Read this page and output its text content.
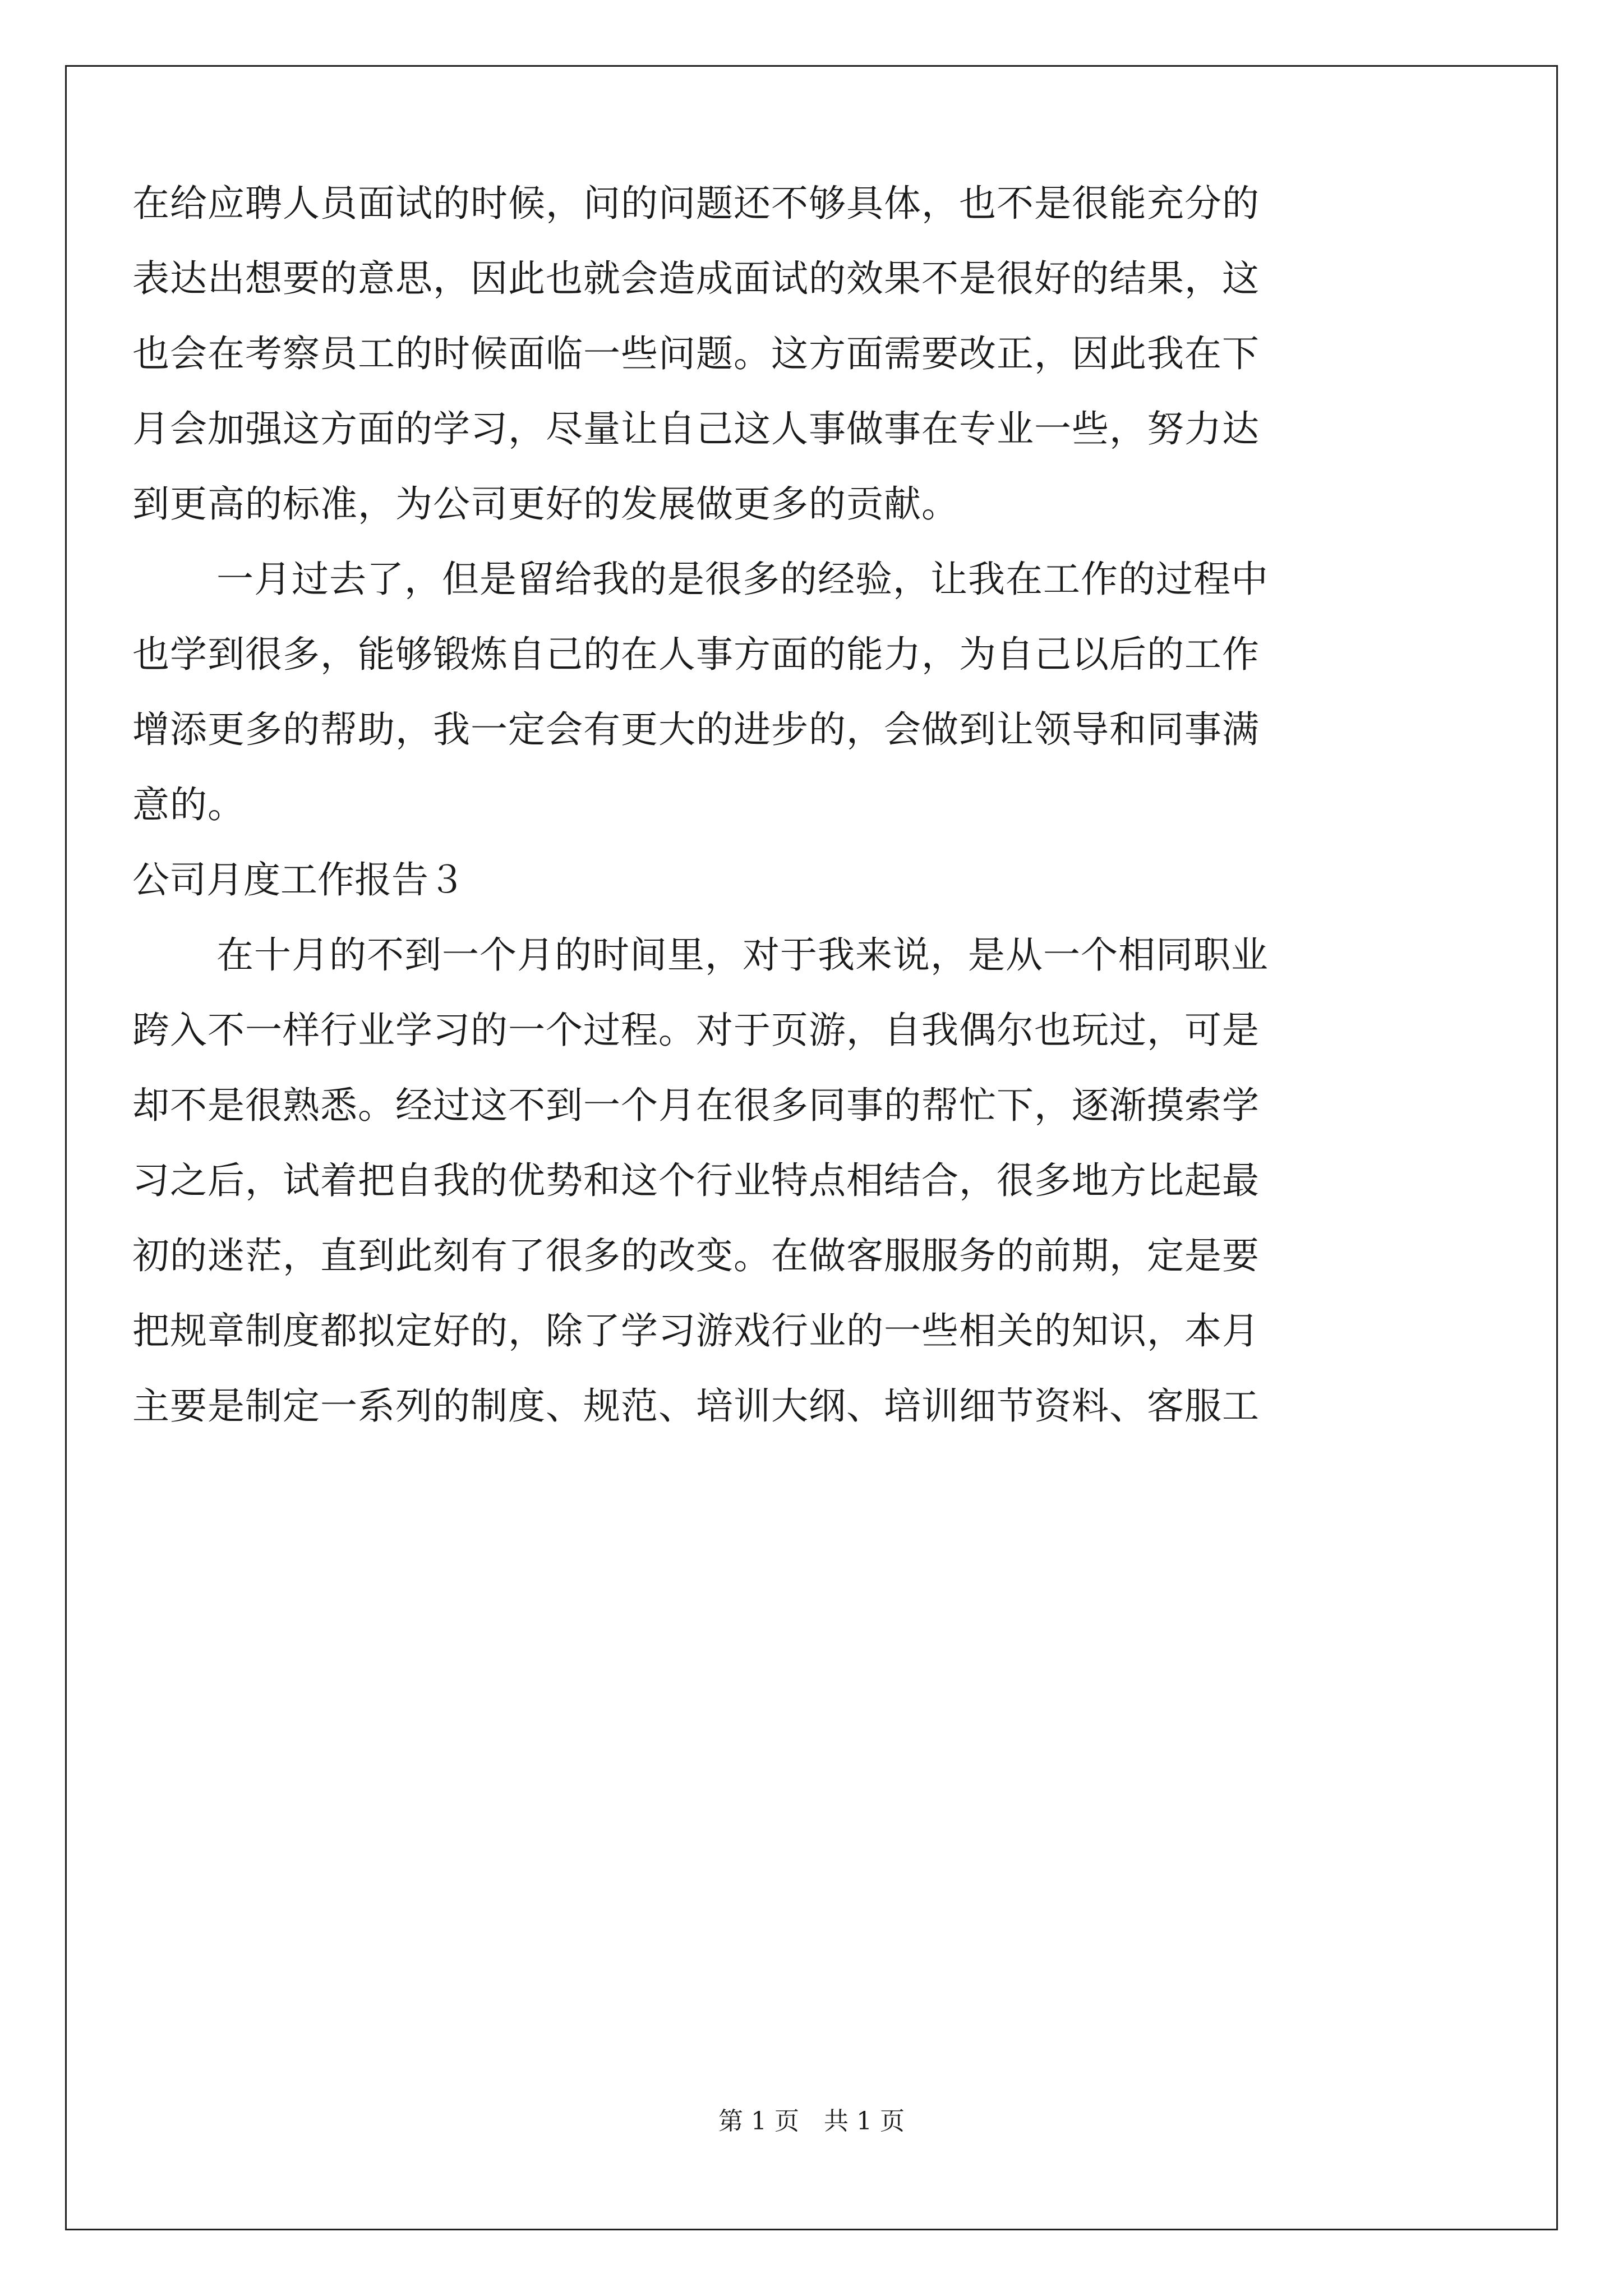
在给应聘人员面试的时候，问的问题还不够具体，也不是很能充分的
表达出想要的意思，因此也就会造成面试的效果不是很好的结果，这
也会在考察员工的时候面临一些问题。这方面需要改正，因此我在下
月会加强这方面的学习，尽量让自己这人事做事在专业一些，努力达
到更高的标准，为公司更好的发展做更多的贡献。
一月过去了，但是留给我的是很多的经验，让我在工作的过程中
也学到很多，能够锻炼自己的在人事方面的能力，为自己以后的工作
增添更多的帮助，我一定会有更大的进步的，会做到让领导和同事满
意的。
公司月度工作报告３
在十月的不到一个月的时间里，对于我来说，是从一个相同职业
跨入不一样行业学习的一个过程。对于页游，自我偶尔也玩过，可是
却不是很熟悉。经过这不到一个月在很多同事的帮忙下，逐渐摸索学
习之后，试着把自我的优势和这个行业特点相结合，很多地方比起最
初的迷茫，直到此刻有了很多的改变。在做客服服务的前期，定是要
把规章制度都拟定好的，除了学习游戏行业的一些相关的知识，本月
主要是制定一系列的制度、规范、培训大纲、培训细节资料、客服工
第 1 页　共 1 页
